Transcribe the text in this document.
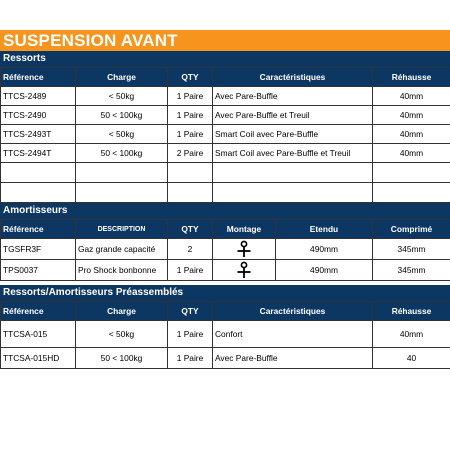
SUSPENSION AVANT
Ressorts
Référence	Charge	QTY	Caractéristiques	Réhausse
TTCS-2489	< 50kg	1 Paire	Avec Pare-Buffle	40mm
TTCS-2490	50 < 100kg	1 Paire	Avec Pare-Buffle et Treuil	40mm
TTCS-2493T	< 50kg	1 Paire	Smart Coil avec Pare-Buffle	40mm
TTCS-2494T	50 < 100kg	2 Paire	Smart Coil avec Pare-Buffle et Treuil	40mm

Amortisseurs
Référence	DESCRIPTION	QTY	Montage	Etendu	Comprimé
TGSFR3F	Gaz grande capacité	2		490mm	345mm
TPS0037	Pro Shock bonbonne	1 Paire		490mm	345mm
Ressorts/Amortisseurs Préassemblés
Référence	Charge	QTY	Caractéristiques	Réhausse
TTCSA-015	< 50kg	1 Paire	Confort	40mm
TTCSA-015HD	50 < 100kg	1 Paire	Avec Pare-Buffle	40
